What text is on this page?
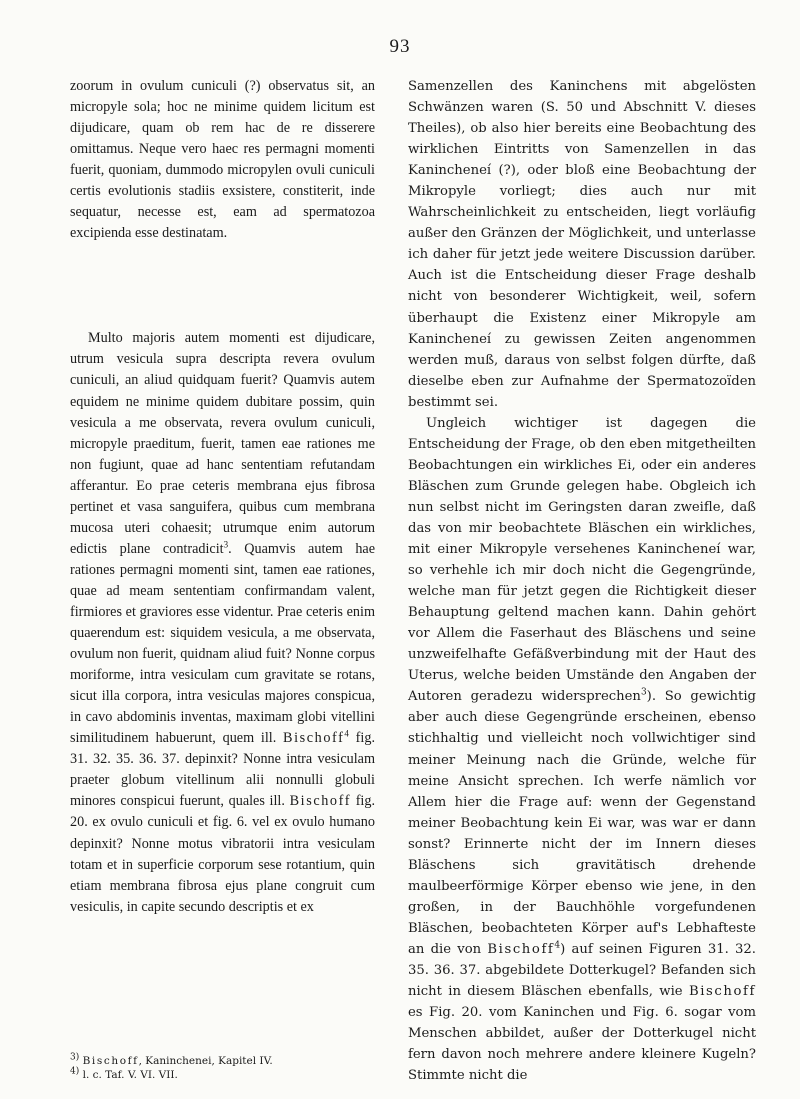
93

zoorum in ovulum cuniculi (?) observatus sit, an micropyle sola; hoc ne minime quidem licitum est dijudicare, quam ob rem hac de re disserere omittamus. Neque vero haec res permagni momenti fuerit, quoniam, dummodo micropylen ovuli cuniculi certis evolutionis stadiis exsistere, constiterit, inde sequatur, necesse est, eam ad spermatozoa excipienda esse destinatam.

Multo majoris autem momenti est dijudicare, utrum vesicula supra descripta revera ovulum cuniculi, an aliud quidquam fuerit? Quamvis autem equidem ne minime quidem dubitare possim, quin vesicula a me observata, revera ovulum cuniculi, micropyle praeditum, fuerit, tamen eae rationes me non fugiunt, quae ad hanc sententiam refutandam afferantur. Eo prae ceteris membrana ejus fibrosa pertinet et vasa sanguifera, quibus cum membrana mucosa uteri cohaesit; utrumque enim autorum edictis plane contradicit$^3$. Quamvis autem hae rationes permagni momenti sint, tamen eae rationes, quae ad meam sententiam confirmandam valent, firmiores et graviores esse videntur. Prae ceteris enim quaerendum est: siquidem vesicula, a me observata, ovulum non fuerit, quidnam aliud fuit? Nonne corpus moriforme, intra vesiculam cum gravitate se rotans, sicut illa corpora, intra vesiculas majores conspicua, in cavo abdominis inventas, maximam globi vitellini similitudinem habuerunt, quem ill. Bischoff$^4$ fig. 31. 32. 35. 36. 37. depinxit? Nonne intra vesiculam praeter globum vitellinum alii nonnulli globuli minores conspicui fuerunt, quales ill. Bischoff fig. 20. ex ovulo cuniculi et fig. 6. vel ex ovulo humano depinxit? Nonne motus vibratorii intra vesiculam totam et in superficie corporum sese rotantium, quin etiam membrana fibrosa ejus plane congruit cum vesiculis, in capite secundo descriptis et ex

Samenzellen des Kaninchens mit abgelösten Schwänzen waren (S. 50 und Abschnitt V. dieses Theiles), ob also hier bereits eine Beobachtung des wirklichen Eintritts von Samenzellen in das Kanincheneí (?), oder bloß eine Beobachtung der Mikropyle vorliegt; dies auch nur mit Wahrscheinlichkeit zu entscheiden, liegt vorläufig außer den Gränzen der Möglichkeit, und unterlasse ich daher für jetzt jede weitere Discussion darüber. Auch ist die Entscheidung dieser Frage deshalb nicht von besonderer Wichtigkeit, weil, sofern überhaupt die Existenz einer Mikropyle am Kanincheneí zu gewissen Zeiten angenommen werden muß, daraus von selbst folgen dürfte, daß dieselbe eben zur Aufnahme der Spermatozoïden bestimmt sei.

Ungleich wichtiger ist dagegen die Entscheidung der Frage, ob den eben mitgetheilten Beobachtungen ein wirkliches Ei, oder ein anderes Bläschen zum Grunde gelegen habe. Obgleich ich nun selbst nicht im Geringsten daran zweifle, daß das von mir beobachtete Bläschen ein wirkliches, mit einer Mikropyle versehenes Kanincheneí war, so verhehle ich mir doch nicht die Gegengründe, welche man für jetzt gegen die Richtigkeit dieser Behauptung geltend machen kann. Dahin gehört vor Allem die Faserhaut des Bläschens und seine unzweifelhafte Gefäßverbindung mit der Haut des Uterus, welche beiden Umstände den Angaben der Autoren geradezu widersprechen$^3$). So gewichtig aber auch diese Gegengründe erscheinen, ebenso stichhaltig und vielleicht noch vollwichtiger sind meiner Meinung nach die Gründe, welche für meine Ansicht sprechen. Ich werfe nämlich vor Allem hier die Frage auf: wenn der Gegenstand meiner Beobachtung kein Ei war, was war er dann sonst? Erinnerte nicht der im Innern dieses Bläschens sich gravitätisch drehende maulbeerförmige Körper ebenso wie jene, in den großen, in der Bauchhöhle vorgefundenen Bläschen, beobachteten Körper auf's Lebhafteste an die von Bischoff$^4$) auf seinen Figuren 31. 32. 35. 36. 37. abgebildete Dotterkugel? Befanden sich nicht in diesem Bläschen ebenfalls, wie Bischoff es Fig. 20. vom Kaninchen und Fig. 6. sogar vom Menschen abbildet, außer der Dotterkugel nicht fern davon noch mehrere andere kleinere Kugeln? Stimmte nicht die

$^{3)}$ Bischoff, Kaninchenei, Kapitel IV.
$^{4)}$ l. c. Taf. V. VI. VII.
